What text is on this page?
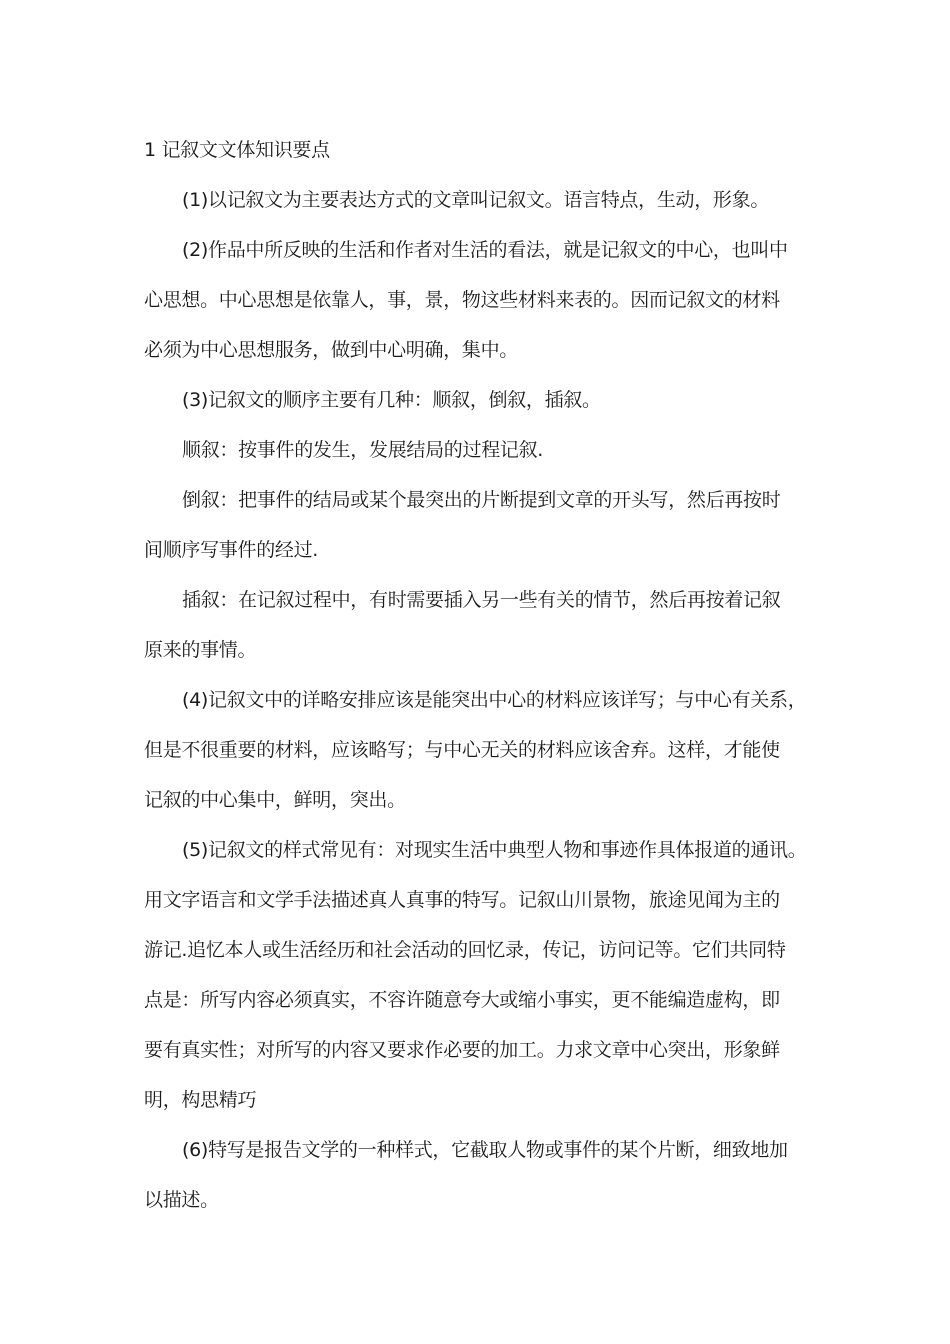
1 记叙文文体知识要点
(1)以记叙文为主要表达方式的文章叫记叙文。语言特点，生动，形象。
(2)作品中所反映的生活和作者对生活的看法，就是记叙文的中心，也叫中
心思想。中心思想是依靠人，事，景，物这些材料来表的。因而记叙文的材料
必须为中心思想服务，做到中心明确，集中。
(3)记叙文的顺序主要有几种：顺叙，倒叙，插叙。
顺叙：按事件的发生，发展结局的过程记叙.
倒叙：把事件的结局或某个最突出的片断提到文章的开头写，然后再按时
间顺序写事件的经过.
插叙：在记叙过程中，有时需要插入另一些有关的情节，然后再按着记叙
原来的事情。
(4)记叙文中的详略安排应该是能突出中心的材料应该详写；与中心有关系，
但是不很重要的材料，应该略写；与中心无关的材料应该舍弃。这样，才能使
记叙的中心集中，鲜明，突出。
(5)记叙文的样式常见有：对现实生活中典型人物和事迹作具体报道的通讯。
用文字语言和文学手法描述真人真事的特写。记叙山川景物，旅途见闻为主的
游记.追忆本人或生活经历和社会活动的回忆录，传记，访问记等。它们共同特
点是：所写内容必须真实，不容许随意夸大或缩小事实，更不能编造虚构，即
要有真实性；对所写的内容又要求作必要的加工。力求文章中心突出，形象鲜
明，构思精巧
(6)特写是报告文学的一种样式，它截取人物或事件的某个片断，细致地加
以描述。
